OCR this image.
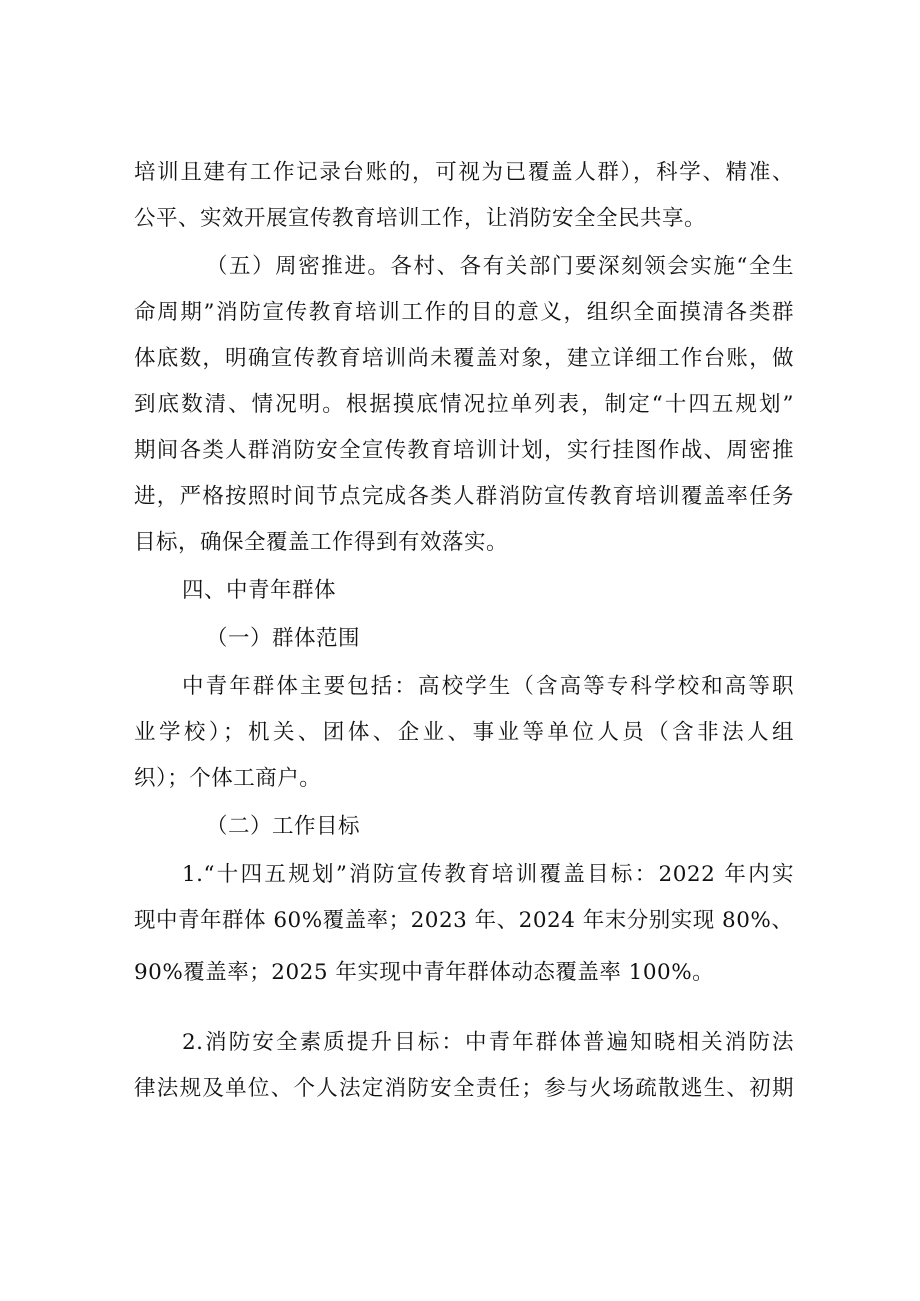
培训且建有工作记录台账的，可视为已覆盖人群），科学、精准、
公平、实效开展宣传教育培训工作，让消防安全全民共享。
（五）周密推进。各村、各有关部门要深刻领会实施“全生
命周期”消防宣传教育培训工作的目的意义，组织全面摸清各类群
体底数，明确宣传教育培训尚未覆盖对象，建立详细工作台账，做
到底数清、情况明。根据摸底情况拉单列表，制定“十四五规划”
期间各类人群消防安全宣传教育培训计划，实行挂图作战、周密推
进，严格按照时间节点完成各类人群消防宣传教育培训覆盖率任务
目标，确保全覆盖工作得到有效落实。
四、中青年群体
（一）群体范围
中青年群体主要包括：高校学生（含高等专科学校和高等职
业学校）；机关、团体、企业、事业等单位人员（含非法人组
织）；个体工商户。
（二）工作目标
1.“十四五规划”消防宣传教育培训覆盖目标：2022 年内实
现中青年群体 60%覆盖率；2023 年、2024 年末分别实现 80%、
90%覆盖率；2025 年实现中青年群体动态覆盖率 100%。
2.消防安全素质提升目标：中青年群体普遍知晓相关消防法
律法规及单位、个人法定消防安全责任；参与火场疏散逃生、初期
